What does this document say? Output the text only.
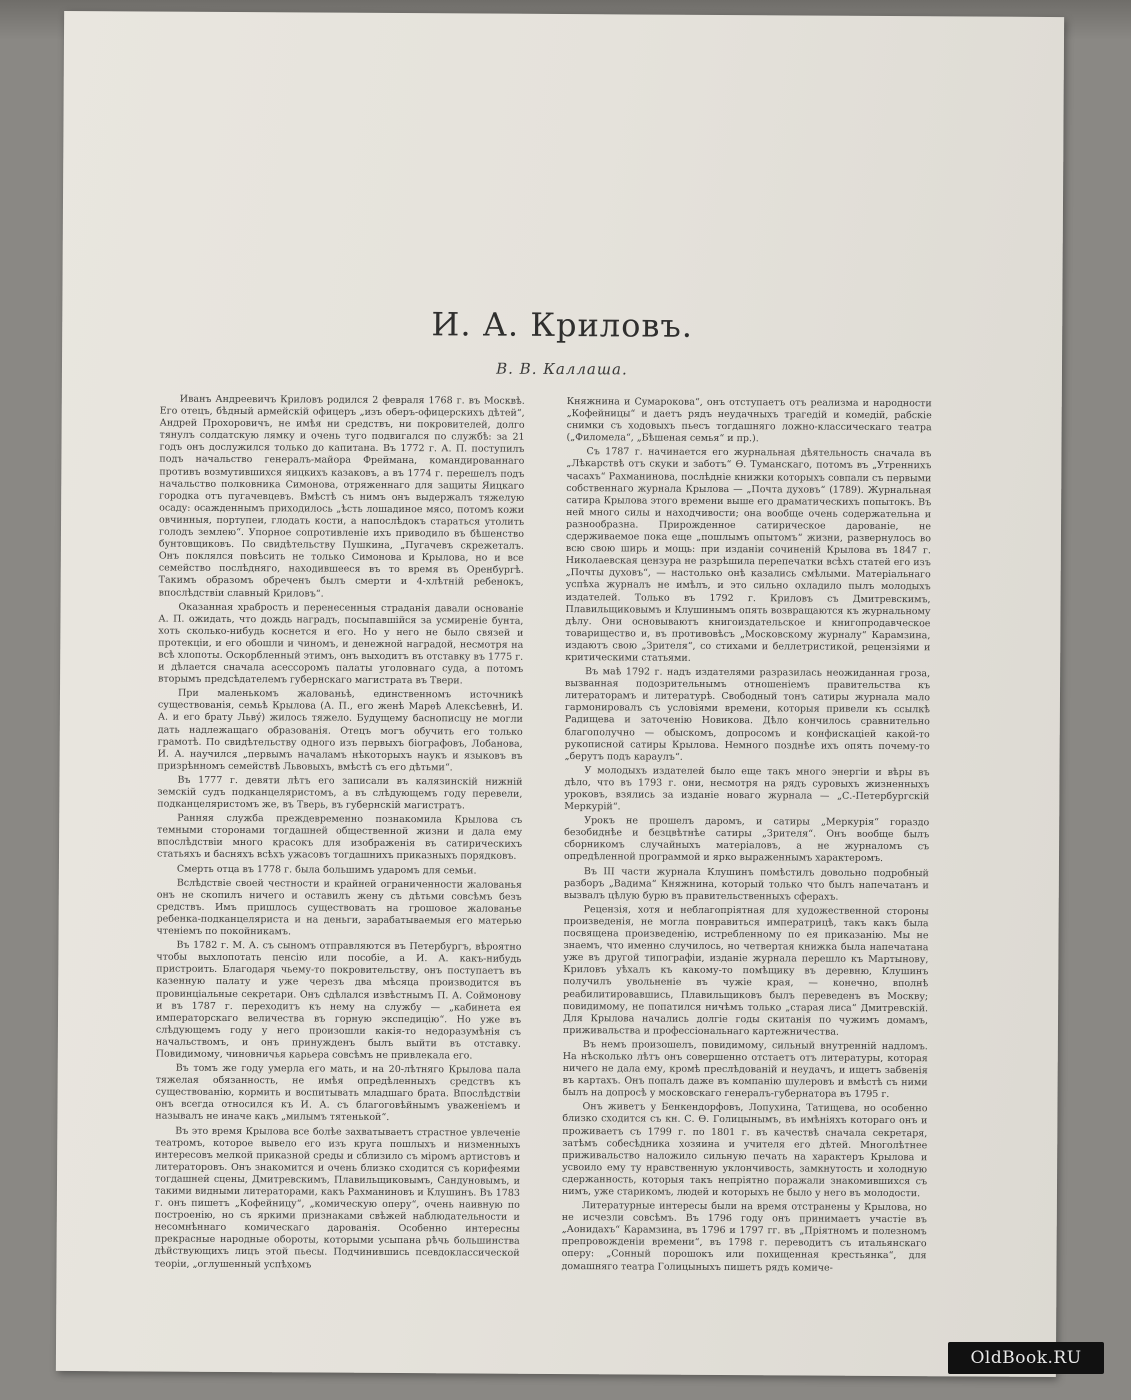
И. А. Криловъ.
В. В. Каллаша.

Иванъ Андреевичъ Криловъ родился 2 февраля 1768 г. въ Москвѣ. Его отецъ, бѣдный армейскій офицеръ „изъ оберъ-офицерскихъ дѣтей“, Андрей Прохоровичъ, не имѣя ни средствъ, ни покровителей, долго тянулъ солдатскую лямку и очень туго подвигался по службѣ: за 21 годъ онъ дослужился только до капитана. Въ 1772 г. А. П. поступилъ подъ начальство генералъ-майора Фреймана, командированнаго противъ возмутившихся яицкихъ казаковъ, а въ 1774 г. перешелъ подъ начальство полковника Симонова, отряженнаго для защиты Яицкаго городка отъ пугачевцевъ. Вмѣстѣ съ нимъ онъ выдержалъ тяжелую осаду: осажденнымъ приходилось „ѣсть лошадиное мясо, потомъ кожи овчинныя, портупеи, глодать кости, а напослѣдокъ стараться утолить голодъ землею“. Упорное сопротивленіе ихъ приводило въ бѣшенство бунтовщиковъ. По свидѣтельству Пушкина, „Пугачевъ скрежеталъ. Онъ поклялся повѣсить не только Симонова и Крылова, но и все семейство послѣдняго, находившееся въ то время въ Оренбургѣ. Такимъ образомъ обреченъ былъ смерти и 4-хлѣтній ребенокъ, впослѣдствіи славный Криловъ“.

Оказанная храбрость и перенесенныя страданія давали основаніе А. П. ожидать, что дождь наградъ, посыпавшійся за усмиреніе бунта, хоть сколько-нибудь коснется и его. Но у него не было связей и протекціи, и его обошли и чиномъ, и денежной наградой, несмотря на всѣ хлопоты. Оскорбленный этимъ, онъ выходитъ въ отставку въ 1775 г. и дѣлается сначала асессоромъ палаты уголовнаго суда, а потомъ вторымъ предсѣдателемъ губернскаго магистрата въ Твери.

При маленькомъ жалованьѣ, единственномъ источникѣ существованія, семьѣ Крылова (А. П., его женѣ Марѳѣ Алексѣевнѣ, И. А. и его брату Львý) жилось тяжело. Будущему баснописцу не могли дать надлежащаго образованія. Отецъ могъ обучить его только грамотѣ. По свидѣтельству одного изъ первыхъ біографовъ, Лобанова, И. А. научился „первымъ началамъ нѣкоторыхъ наукъ и языковъ въ призрѣнномъ семействѣ Львовыхъ, вмѣстѣ съ его дѣтьми“.

Въ 1777 г. девяти лѣтъ его записали въ калязинскій нижній земскій судъ подканцеляристомъ, а въ слѣдующемъ году перевели, подканцеляристомъ же, въ Тверь, въ губернскій магистратъ.

Ранняя служба преждевременно познакомила Крылова съ темными сторонами тогдашней общественной жизни и дала ему впослѣдствіи много красокъ для изображенія въ сатирическихъ статьяхъ и басняхъ всѣхъ ужасовъ тогдашнихъ приказныхъ порядковъ.

Смерть отца въ 1778 г. была большимъ ударомъ для семьи.

Вслѣдствіе своей честности и крайней ограниченности жалованья онъ не скопилъ ничего и оставилъ жену съ дѣтьми совсѣмъ безъ средствъ. Имъ пришлось существовать на грошовое жалованье ребенка-подканцеляриста и на деньги, зарабатываемыя его матерью чтеніемъ по покойникамъ.

Въ 1782 г. М. А. съ сыномъ отправляются въ Петербургъ, вѣроятно чтобы выхлопотать пенсію или пособіе, а И. А. какъ-нибудь пристроить. Благодаря чьему-то покровительству, онъ поступаетъ въ казенную палату и уже черезъ два мѣсяца производится въ провинціальные секретари. Онъ сдѣлался извѣстнымъ П. А. Соймонову и въ 1787 г. переходитъ къ нему на службу — „кабинета ея императорскаго величества въ горную экспедицію“. Но уже въ слѣдующемъ году у него произошли какія-то недоразумѣнія съ начальствомъ, и онъ принужденъ былъ выйти въ отставку. Повидимому, чиновничья карьера совсѣмъ не привлекала его.

Въ томъ же году умерла его мать, и на 20-лѣтняго Крылова пала тяжелая обязанность, не имѣя опредѣленныхъ средствъ къ существованію, кормить и воспитывать младшаго брата. Впослѣдствіи онъ всегда относился къ И. А. съ благоговѣйнымъ уваженіемъ и называлъ не иначе какъ „милымъ тятенькой“.

Въ это время Крылова все болѣе захватываетъ страстное увлеченіе театромъ, которое вывело его изъ круга пошлыхъ и низменныхъ интересовъ мелкой приказной среды и сблизило съ міромъ артистовъ и литераторовъ. Онъ знакомится и очень близко сходится съ корифеями тогдашней сцены, Дмитревскимъ, Плавильщиковымъ, Сандуновымъ, и такими видными литераторами, какъ Рахманиновъ и Клушинъ. Въ 1783 г. онъ пишетъ „Кофейницу“, „комическую оперу“, очень наивную по построенію, но съ яркими признаками свѣжей наблюдательности и несомнѣннаго комическаго дарованія. Особенно интересны прекрасные народные обороты, которыми усыпана рѣчь большинства дѣйствующихъ лицъ этой пьесы. Подчинившись псевдоклассической теоріи, „оглушенный успѣхомъ

Княжнина и Сумарокова“, онъ отступаетъ отъ реализма и народности „Кофейницы“ и даетъ рядъ неудачныхъ трагедій и комедій, рабскіе снимки съ ходовыхъ пьесъ тогдашняго ложно-классическаго театра („Филомела“, „Бѣшеная семья“ и пр.).

Съ 1787 г. начинается его журнальная дѣятельность сначала въ „Лѣкарствѣ отъ скуки и заботъ“ Ѳ. Туманскаго, потомъ въ „Утреннихъ часахъ“ Рахманинова, послѣдніе книжки которыхъ совпали съ первыми собственнаго журнала Крылова — „Почта духовъ“ (1789). Журнальная сатира Крылова этого времени выше его драматическихъ попытокъ. Въ ней много силы и находчивости; она вообще очень содержательна и разнообразна. Прирожденное сатирическое дарованіе, не сдерживаемое пока еще „пошлымъ опытомъ“ жизни, развернулось во всю свою ширь и мощь: при изданіи сочиненій Крылова въ 1847 г. Николаевская цензура не разрѣшила перепечатки всѣхъ статей его изъ „Почты духовъ“, — настолько онѣ казались смѣлыми. Матеріальнаго успѣха журналъ не имѣлъ, и это сильно охладило пылъ молодыхъ издателей. Только въ 1792 г. Криловъ съ Дмитревскимъ, Плавильщиковымъ и Клушинымъ опять возвращаются къ журнальному дѣлу. Они основываютъ книгоиздательское и книгопродавческое товарищество и, въ противовѣсъ „Московскому журналу“ Карамзина, издаютъ свою „Зрителя“, со стихами и беллетристикой, рецензіями и критическими статьями.

Въ маѣ 1792 г. надъ издателями разразилась неожиданная гроза, вызванная подозрительнымъ отношеніемъ правительства къ литераторамъ и литературѣ. Свободный тонъ сатиры журнала мало гармонировалъ съ условіями времени, которыя привели къ ссылкѣ Радищева и заточенію Новикова. Дѣло кончилось сравнительно благополучно — обыскомъ, допросомъ и конфискаціей какой-то рукописной сатиры Крылова. Немного позднѣе ихъ опять почему-то „берутъ подъ караулъ“.

У молодыхъ издателей было еще такъ много энергіи и вѣры въ дѣло, что въ 1793 г. они, несмотря на рядъ суровыхъ жизненныхъ уроковъ, взялись за изданіе новаго журнала — „С.-Петербургскій Меркурій“.

Урокъ не прошелъ даромъ, и сатиры „Меркурія“ гораздо безобиднѣе и безцвѣтнѣе сатиры „Зрителя“. Онъ вообще былъ сборникомъ случайныхъ матеріаловъ, а не журналомъ съ опредѣленной программой и ярко выраженнымъ характеромъ.

Въ III части журнала Клушинъ помѣстилъ довольно подробный разборъ „Вадима“ Княжнина, который только что былъ напечатанъ и вызвалъ цѣлую бурю въ правительственныхъ сферахъ.

Рецензія, хотя и неблагопріятная для художественной стороны произведенія, не могла понравиться императрицѣ, такъ какъ была посвящена произведенію, истребленному по ея приказанію. Мы не знаемъ, что именно случилось, но четвертая книжка была напечатана уже въ другой типографіи, изданіе журнала перешло къ Мартынову, Криловъ уѣхалъ къ какому-то помѣщику въ деревню, Клушинъ получилъ увольненіе въ чужіе края, — конечно, вполнѣ реабилитировавшись, Плавильщиковъ былъ переведенъ въ Москву; повидимому, не попатился ничѣмъ только „старая лиса“ Дмитревскій. Для Крылова начались долгіе годы скитанія по чужимъ домамъ, приживальства и профессіональнаго картежничества.

Въ немъ произошелъ, повидимому, сильный внутренній надломъ. На нѣсколько лѣтъ онъ совершенно отстаетъ отъ литературы, которая ничего не дала ему, кромѣ преслѣдованій и неудачъ, и ищетъ забвенія въ картахъ. Онъ попалъ даже въ компанію шулеровъ и вмѣстѣ съ ними былъ на допросѣ у московскаго генералъ-губернатора въ 1795 г.

Онъ живетъ у Бенкендорфовъ, Лопухина, Татищева, но особенно близко сходится съ кн. С. Ѳ. Голицынымъ, въ имѣніяхъ котораго онъ и проживаетъ съ 1799 г. по 1801 г. въ качествѣ сначала секретаря, затѣмъ собесѣдника хозяина и учителя его дѣтей. Многолѣтнее приживальство наложило сильную печать на характеръ Крылова и усвоило ему ту нравственную уклончивость, замкнутость и холодную сдержанность, которыя такъ непріятно поражали знакомившихся съ нимъ, уже старикомъ, людей и которыхъ не было у него въ молодости.

Литературные интересы были на время отстранены у Крылова, но не исчезли совсѣмъ. Въ 1796 году онъ принимаетъ участіе въ „Аонидахъ“ Карамзина, въ 1796 и 1797 гг. въ „Пріятномъ и полезномъ препровожденіи времени“, въ 1798 г. переводитъ съ итальянскаго оперу: „Сонный порошокъ или похищенная крестьянка“, для домашняго театра Голицыныхъ пишетъ рядъ комиче-

OldBook.RU
